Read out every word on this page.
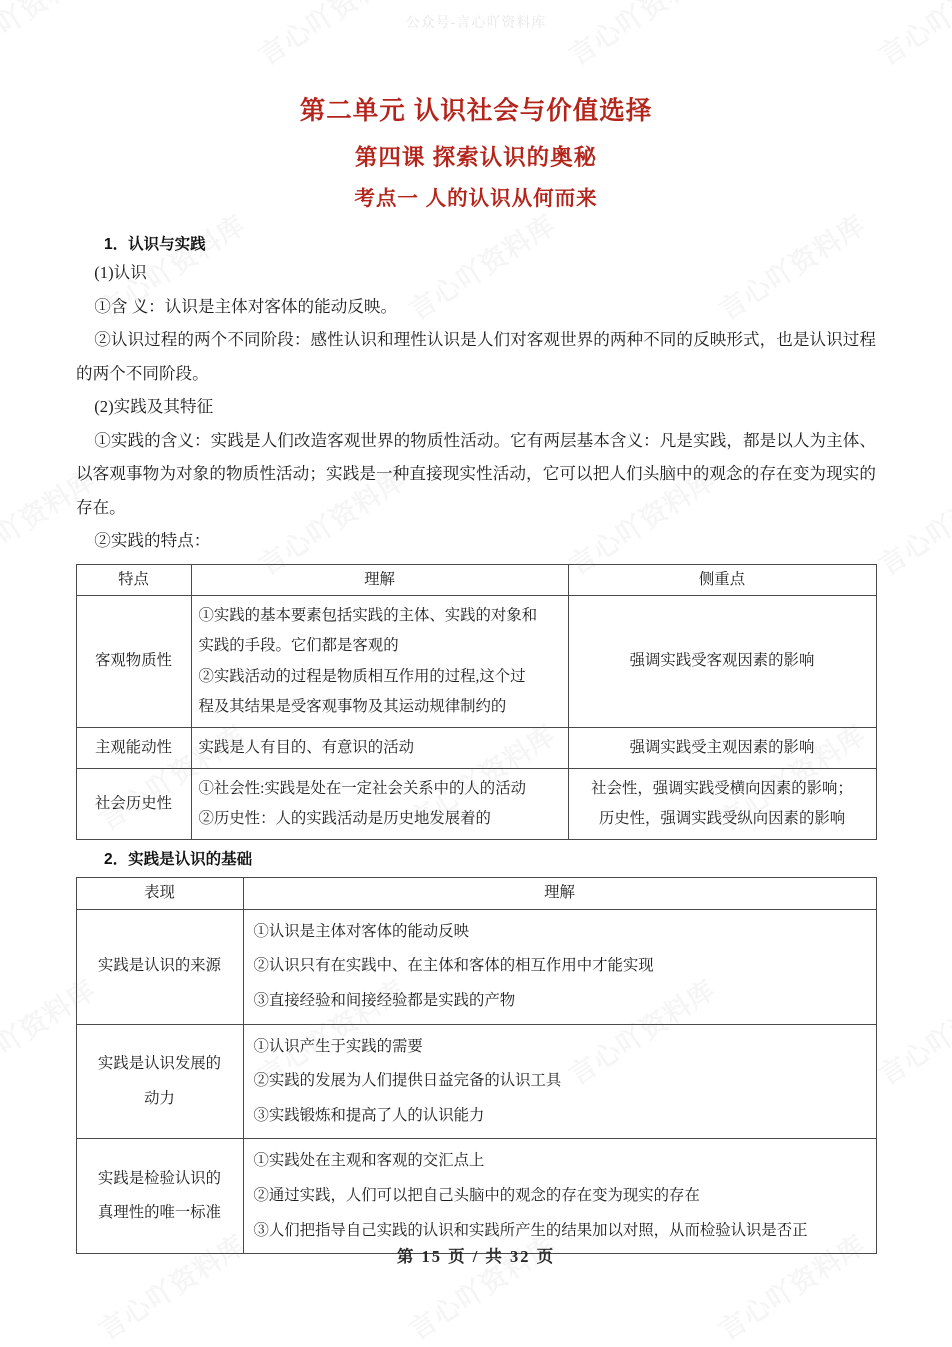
公众号-言心吖资料库
第二单元 认识社会与价值选择
第四课 探索认识的奥秘
考点一 人的认识从何而来
1．认识与实践

(1)认识

①含 义：认识是主体对客体的能动反映。

②认识过程的两个不同阶段：感性认识和理性认识是人们对客观世界的两种不同的反映形式，也是认识过程的两个不同阶段。

(2)实践及其特征

①实践的含义：实践是人们改造客观世界的物质性活动。它有两层基本含义：凡是实践，都是以人为主体、以客观事物为对象的物质性活动；实践是一种直接现实性活动，它可以把人们头脑中的观念的存在变为现实的存在。

②实践的特点：

特点	理解	侧重点
客观物质性	①实践的基本要素包括实践的主体、实践的对象和
实践的手段。它们都是客观的
②实践活动的过程是物质相互作用的过程,这个过
程及其结果是受客观事物及其运动规律制约的	强调实践受客观因素的影响

主观能动性	实践是人有目的、有意识的活动	强调实践受主观因素的影响

社会历史性	①社会性:实践是处在一定社会关系中的人的活动
②历史性：人的实践活动是历史地发展着的	社会性，强调实践受横向因素的影响；
历史性，强调实践受纵向因素的影响
2．实践是认识的基础
表现	理解

实践是认识的来源	①认识是主体对客体的能动反映
②认识只有在实践中、在主体和客体的相互作用中才能实现
③直接经验和间接经验都是实践的产物

实践是认识发展的
动力	①认识产生于实践的需要
②实践的发展为人们提供日益完备的认识工具
③实践锻炼和提高了人的认识能力

实践是检验认识的
真理性的唯一标准	①实践处在主观和客观的交汇点上
②通过实践，人们可以把自己头脑中的观念的存在变为现实的存在
③人们把指导自己实践的认识和实践所产生的结果加以对照，从而检验认识是否正
第 15 页 / 共 32 页
